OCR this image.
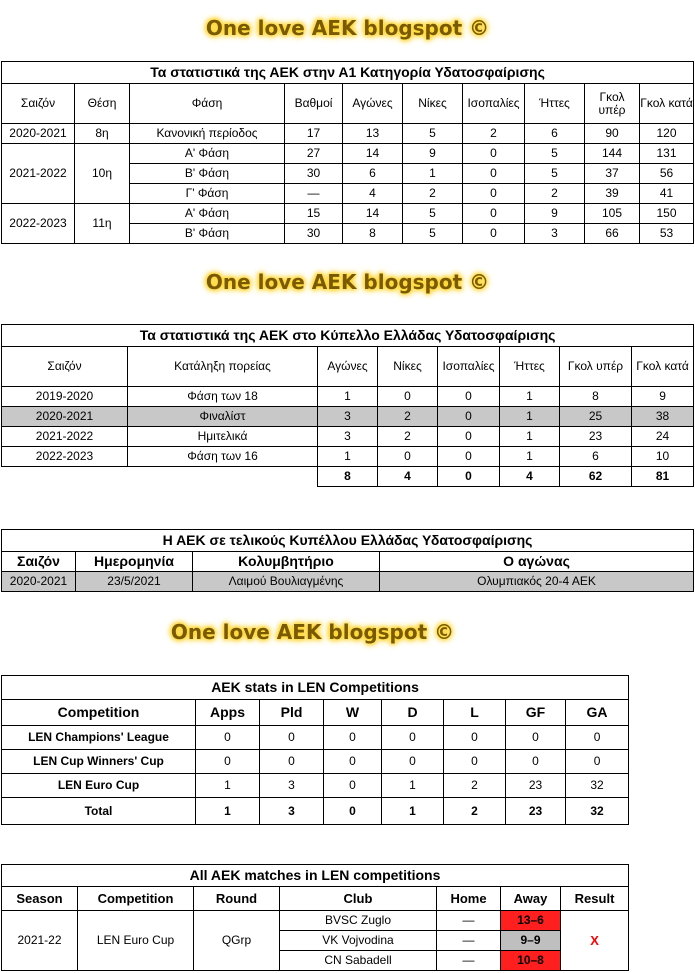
One love AEK blogspot ©
Τα στατιστικά της ΑΕΚ στην Α1 Κατηγορία Υδατοσφαίρισης									
Σαιζόν	Θέση	Φάση	Βαθμοί	Αγώνες	Νίκες	Ισοπαλίες	Ήττες	Γκολ υπέρ	Γκολ κατά
2020-2021	8η	Κανονική περίοδος	17	13	5	2	6	90	120
2021-2022	10η	Α' Φάση	27	14	9	0	5	144	131
		Β' Φάση	30	6	1	0	5	37	56
		Γ' Φάση	—	4	2	0	2	39	41
2022-2023	11η	Α' Φάση	15	14	5	0	9	105	150
		Β' Φάση	30	8	5	0	3	66	53
One love AEK blogspot ©
Τα στατιστικά της ΑΕΚ στο Κύπελλο Ελλάδας Υδατοσφαίρισης							
Σαιζόν	Κατάληξη πορείας	Αγώνες	Νίκες	Ισοπαλίες	Ήττες	Γκολ υπέρ	Γκολ κατά
2019-2020	Φάση των 18	1	0	0	1	8	9
2020-2021	Φιναλίστ	3	2	0	1	25	38
2021-2022	Ημιτελικά	3	2	0	1	23	24
2022-2023	Φάση των 16	1	0	0	1	6	10
		8	4	0	4	62	81
Η ΑΕΚ σε τελικούς Κυπέλλου Ελλάδας Υδατοσφαίρισης			
Σαιζόν	Ημερομηνία	Κολυμβητήριο	Ο αγώνας
2020-2021	23/5/2021	Λαιμού Βουλιαγμένης	Ολυμπιακός 20-4 ΑΕΚ
One love AEK blogspot ©
AEK stats in LEN Competitions							
Competition	Apps	Pld	W	D	L	GF	GA
LEN Champions' League	0	0	0	0	0	0	0
LEN Cup Winners' Cup	0	0	0	0	0	0	0
LEN Euro Cup	1	3	0	1	2	23	32
Total	1	3	0	1	2	23	32
All AEK matches in LEN competitions						
Season	Competition	Round	Club	Home	Away	Result
2021-22	LEN Euro Cup	QGrp	BVSC Zuglo	—	13–6	X
			VK Vojvodina	—	9–9	
			CN Sabadell	—	10–8	
